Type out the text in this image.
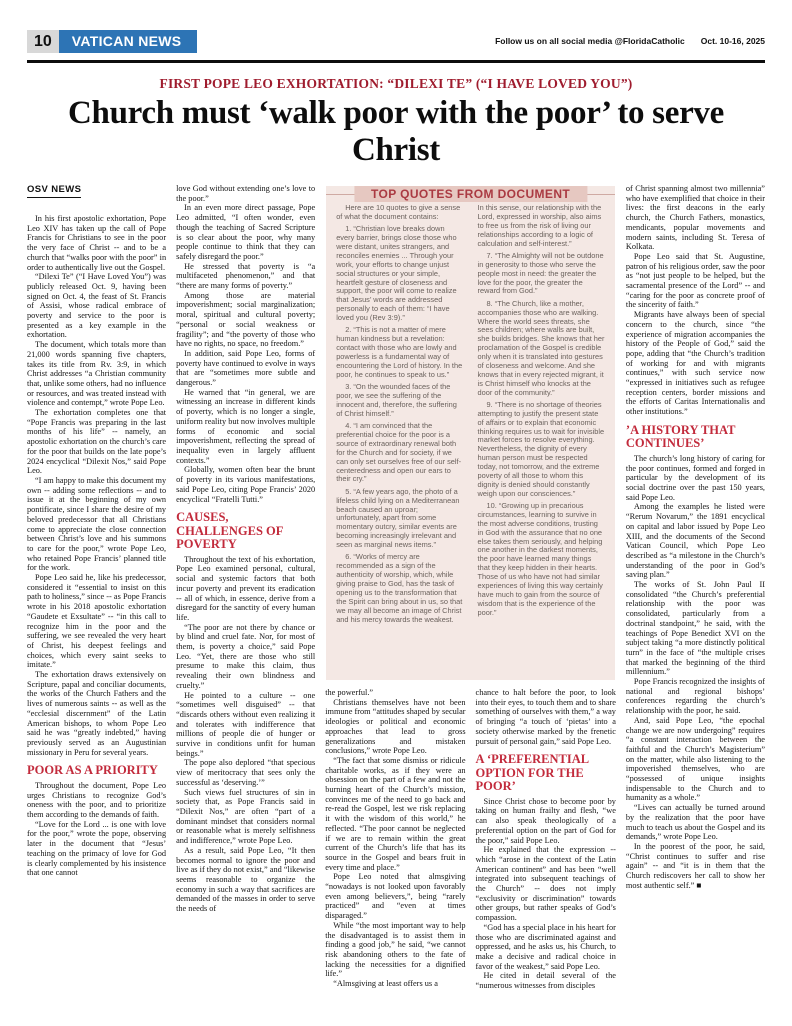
10	VATICAN NEWS	Follow us on all social media @FloridaCatholic Oct. 10-16, 2025
FIRST POPE LEO EXHORTATION: “DILEXI TE” (“I HAVE LOVED YOU”)
Church must ‘walk poor with the poor’ to serve Christ
OSV NEWS

In his first apostolic exhortation, Pope Leo XIV has taken up the call of Pope Francis for Christians to see in the poor the very face of Christ -- and to be a church that “walks poor with the poor” in order to authentically live out the Gospel.

“Dilexi Te” (“I Have Loved You”) was publicly released Oct. 9, having been signed on Oct. 4, the feast of St. Francis of Assisi, whose radical embrace of poverty and service to the poor is presented as a key example in the exhortation.

The document, which totals more than 21,000 words spanning five chapters, takes its title from Rv. 3:9, in which Christ addresses “a Christian community that, unlike some others, had no influence or resources, and was treated instead with violence and contempt,” wrote Pope Leo.

The exhortation completes one that “Pope Francis was preparing in the last months of his life” -- namely, an apostolic exhortation on the church’s care for the poor that builds on the late pope’s 2024 encyclical “Dilexit Nos,” said Pope Leo.

“I am happy to make this document my own -- adding some reflections -- and to issue it at the beginning of my own pontificate, since I share the desire of my beloved predecessor that all Christians come to appreciate the close connection between Christ’s love and his summons to care for the poor,” wrote Pope Leo, who retained Pope Francis’ planned title for the work.

Pope Leo said he, like his predecessor, considered it “essential to insist on this path to holiness,” since -- as Pope Francis wrote in his 2018 apostolic exhortation “Gaudete et Exsultate” -- “in this call to recognize him in the poor and the suffering, we see revealed the very heart of Christ, his deepest feelings and choices, which every saint seeks to imitate.”

The exhortation draws extensively on Scripture, papal and conciliar documents, the works of the Church Fathers and the lives of numerous saints -- as well as the “ecclesial discernment” of the Latin American bishops, to whom Pope Leo said he was “greatly indebted,” having previously served as an Augustinian missionary in Peru for several years.

POOR AS A PRIORITY

Throughout the document, Pope Leo urges Christians to recognize God’s oneness with the poor, and to prioritize them according to the demands of faith.

“Love for the Lord ... is one with love for the poor,” wrote the pope, observing later in the document that “Jesus’ teaching on the primacy of love for God is clearly complemented by his insistence that one cannot

love God without extending one’s love to the poor.”

In an even more direct passage, Pope Leo admitted, “I often wonder, even though the teaching of Sacred Scripture is so clear about the poor, why many people continue to think that they can safely disregard the poor.”

He stressed that poverty is “a multifaceted phenomenon,” and that “there are many forms of poverty.”

Among those are material impoverishment; social marginalization; moral, spiritual and cultural poverty; “personal or social weakness or fragility”; and “the poverty of those who have no rights, no space, no freedom.”

In addition, said Pope Leo, forms of poverty have continued to evolve in ways that are “sometimes more subtle and dangerous.”

He warned that “in general, we are witnessing an increase in different kinds of poverty, which is no longer a single, uniform reality but now involves multiple forms of economic and social impoverishment, reflecting the spread of inequality even in largely affluent contexts.”

Globally, women often bear the brunt of poverty in its various manifestations, said Pope Leo, citing Pope Francis’ 2020 encyclical “Fratelli Tutti.”

CAUSES, CHALLENGES OF POVERTY

Throughout the text of his exhortation, Pope Leo examined personal, cultural, social and systemic factors that both incur poverty and prevent its eradication -- all of which, in essence, derive from a disregard for the sanctity of every human life.

“The poor are not there by chance or by blind and cruel fate. Nor, for most of them, is poverty a choice,” said Pope Leo. “Yet, there are those who still presume to make this claim, thus revealing their own blindness and cruelty.”

He pointed to a culture -- one “sometimes well disguised” -- that “discards others without even realizing it and tolerates with indifference that millions of people die of hunger or survive in conditions unfit for human beings.”

The pope also deplored “that specious view of meritocracy that sees only the successful as ‘deserving.’”

Such views fuel structures of sin in society that, as Pope Francis said in “Dilexit Nos,” are often “part of a dominant mindset that considers normal or reasonable what is merely selfishness and indifference,” wrote Pope Leo.

As a result, said Pope Leo, “It then becomes normal to ignore the poor and live as if they do not exist,” and “likewise seems reasonable to organize the economy in such a way that sacrifices are demanded of the masses in order to serve the needs of

TOP QUOTES FROM DOCUMENT

Here are 10 quotes to give a sense of what the document contains:

1. “Christian love breaks down every barrier, brings close those who were distant, unites strangers, and reconciles enemies ... Through your work, your efforts to change unjust social structures or your simple, heartfelt gesture of closeness and support, the poor will come to realize that Jesus’ words are addressed personally to each of them: “I have loved you (Rev 3:9).”

2. “This is not a matter of mere human kindness but a revelation: contact with those who are lowly and powerless is a fundamental way of encountering the Lord of history. In the poor, he continues to speak to us.”

3. “On the wounded faces of the poor, we see the suffering of the innocent and, therefore, the suffering of Christ himself.”

4. “I am convinced that the preferential choice for the poor is a source of extraordinary renewal both for the Church and for society, if we can only set ourselves free of our self-centeredness and open our ears to their cry.”

5. “A few years ago, the photo of a lifeless child lying on a Mediterranean beach caused an uproar; unfortunately, apart from some momentary outcry, similar events are becoming increasingly irrelevant and seen as marginal news items.”

6. “Works of mercy are recommended as a sign of the authenticity of worship, which, while giving praise to God, has the task of opening us to the transformation that the Spirit can bring about in us, so that we may all become an image of Christ and his mercy towards the weakest.

In this sense, our relationship with the Lord, expressed in worship, also aims to free us from the risk of living our relationships according to a logic of calculation and self-interest.”

7. “The Almighty will not be outdone in generosity to those who serve the people most in need: the greater the love for the poor, the greater the reward from God.”

8. “The Church, like a mother, accompanies those who are walking. Where the world sees threats, she sees children; where walls are built, she builds bridges. She knows that her proclamation of the Gospel is credible only when it is translated into gestures of closeness and welcome. And she knows that in every rejected migrant, it is Christ himself who knocks at the door of the community.”

9. “There is no shortage of theories attempting to justify the present state of affairs or to explain that economic thinking requires us to wait for invisible market forces to resolve everything. Nevertheless, the dignity of every human person must be respected today, not tomorrow, and the extreme poverty of all those to whom this dignity is denied should constantly weigh upon our consciences.”

10. “Growing up in precarious circumstances, learning to survive in the most adverse conditions, trusting in God with the assurance that no one else takes them seriously, and helping one another in the darkest moments, the poor have learned many things that they keep hidden in their hearts. Those of us who have not had similar experiences of living this way certainly have much to gain from the source of wisdom that is the experience of the poor.”

the powerful.”

Christians themselves have not been immune from “attitudes shaped by secular ideologies or political and economic approaches that lead to gross generalizations and mistaken conclusions,” wrote Pope Leo.

“The fact that some dismiss or ridicule charitable works, as if they were an obsession on the part of a few and not the burning heart of the Church’s mission, convinces me of the need to go back and re-read the Gospel, lest we risk replacing it with the wisdom of this world,” he reflected. “The poor cannot be neglected if we are to remain within the great current of the Church’s life that has its source in the Gospel and bears fruit in every time and place.”

Pope Leo noted that almsgiving “nowadays is not looked upon favorably even among believers,”, being “rarely practiced” and “even at times disparaged.”

While “the most important way to help the disadvantaged is to assist them in finding a good job,” he said, “we cannot risk abandoning others to the fate of lacking the necessities for a dignified life.”

“Almsgiving at least offers us a

chance to halt before the poor, to look into their eyes, to touch them and to share something of ourselves with them,” a way of bringing “a touch of ‘pietas’ into a society otherwise marked by the frenetic pursuit of personal gain,” said Pope Leo.

A ‘PREFERENTIAL OPTION FOR THE POOR’

Since Christ chose to become poor by taking on human frailty and flesh, “we can also speak theologically of a preferential option on the part of God for the poor,” said Pope Leo.

He explained that the expression -- which “arose in the context of the Latin American continent” and has been “well integrated into subsequent teachings of the Church” -- does not imply “exclusivity or discrimination” towards other groups, but rather speaks of God’s compassion.

“God has a special place in his heart for those who are discriminated against and oppressed, and he asks us, his Church, to make a decisive and radical choice in favor of the weakest,” said Pope Leo.

He cited in detail several of the “numerous witnesses from disciples

of Christ spanning almost two millennia” who have exemplified that choice in their lives: the first deacons in the early church, the Church Fathers, monastics, mendicants, popular movements and modern saints, including St. Teresa of Kolkata.

Pope Leo said that St. Augustine, patron of his religious order, saw the poor as “not just people to be helped, but the sacramental presence of the Lord” -- and “caring for the poor as concrete proof of the sincerity of faith.”

Migrants have always been of special concern to the church, since “the experience of migration accompanies the history of the People of God,” said the pope, adding that “the Church’s tradition of working for and with migrants continues,” with such service now “expressed in initiatives such as refugee reception centers, border missions and the efforts of Caritas Internationalis and other institutions.”

’A HISTORY THAT CONTINUES’

The church’s long history of caring for the poor continues, formed and forged in particular by the development of its social doctrine over the past 150 years, said Pope Leo.

Among the examples he listed were “Rerum Novarum,” the 1891 encyclical on capital and labor issued by Pope Leo XIII, and the documents of the Second Vatican Council, which Pope Leo described as “a milestone in the Church’s understanding of the poor in God’s saving plan.”

The works of St. John Paul II consolidated “the Church’s preferential relationship with the poor was consolidated, particularly from a doctrinal standpoint,” he said, with the teachings of Pope Benedict XVI on the subject taking “a more distinctly political turn” in the face of “the multiple crises that marked the beginning of the third millennium.”

Pope Francis recognized the insights of national and regional bishops’ conferences regarding the church’s relationship with the poor, he said.

And, said Pope Leo, “the epochal change we are now undergoing” requires “a constant interaction between the faithful and the Church’s Magisterium” on the matter, while also listening to the impoverished themselves, who are “possessed of unique insights indispensable to the Church and to humanity as a whole.”

“Lives can actually be turned around by the realization that the poor have much to teach us about the Gospel and its demands,” wrote Pope Leo.

In the poorest of the poor, he said, “Christ continues to suffer and rise again” -- and “it is in them that the Church rediscovers her call to show her most authentic self.” ■
